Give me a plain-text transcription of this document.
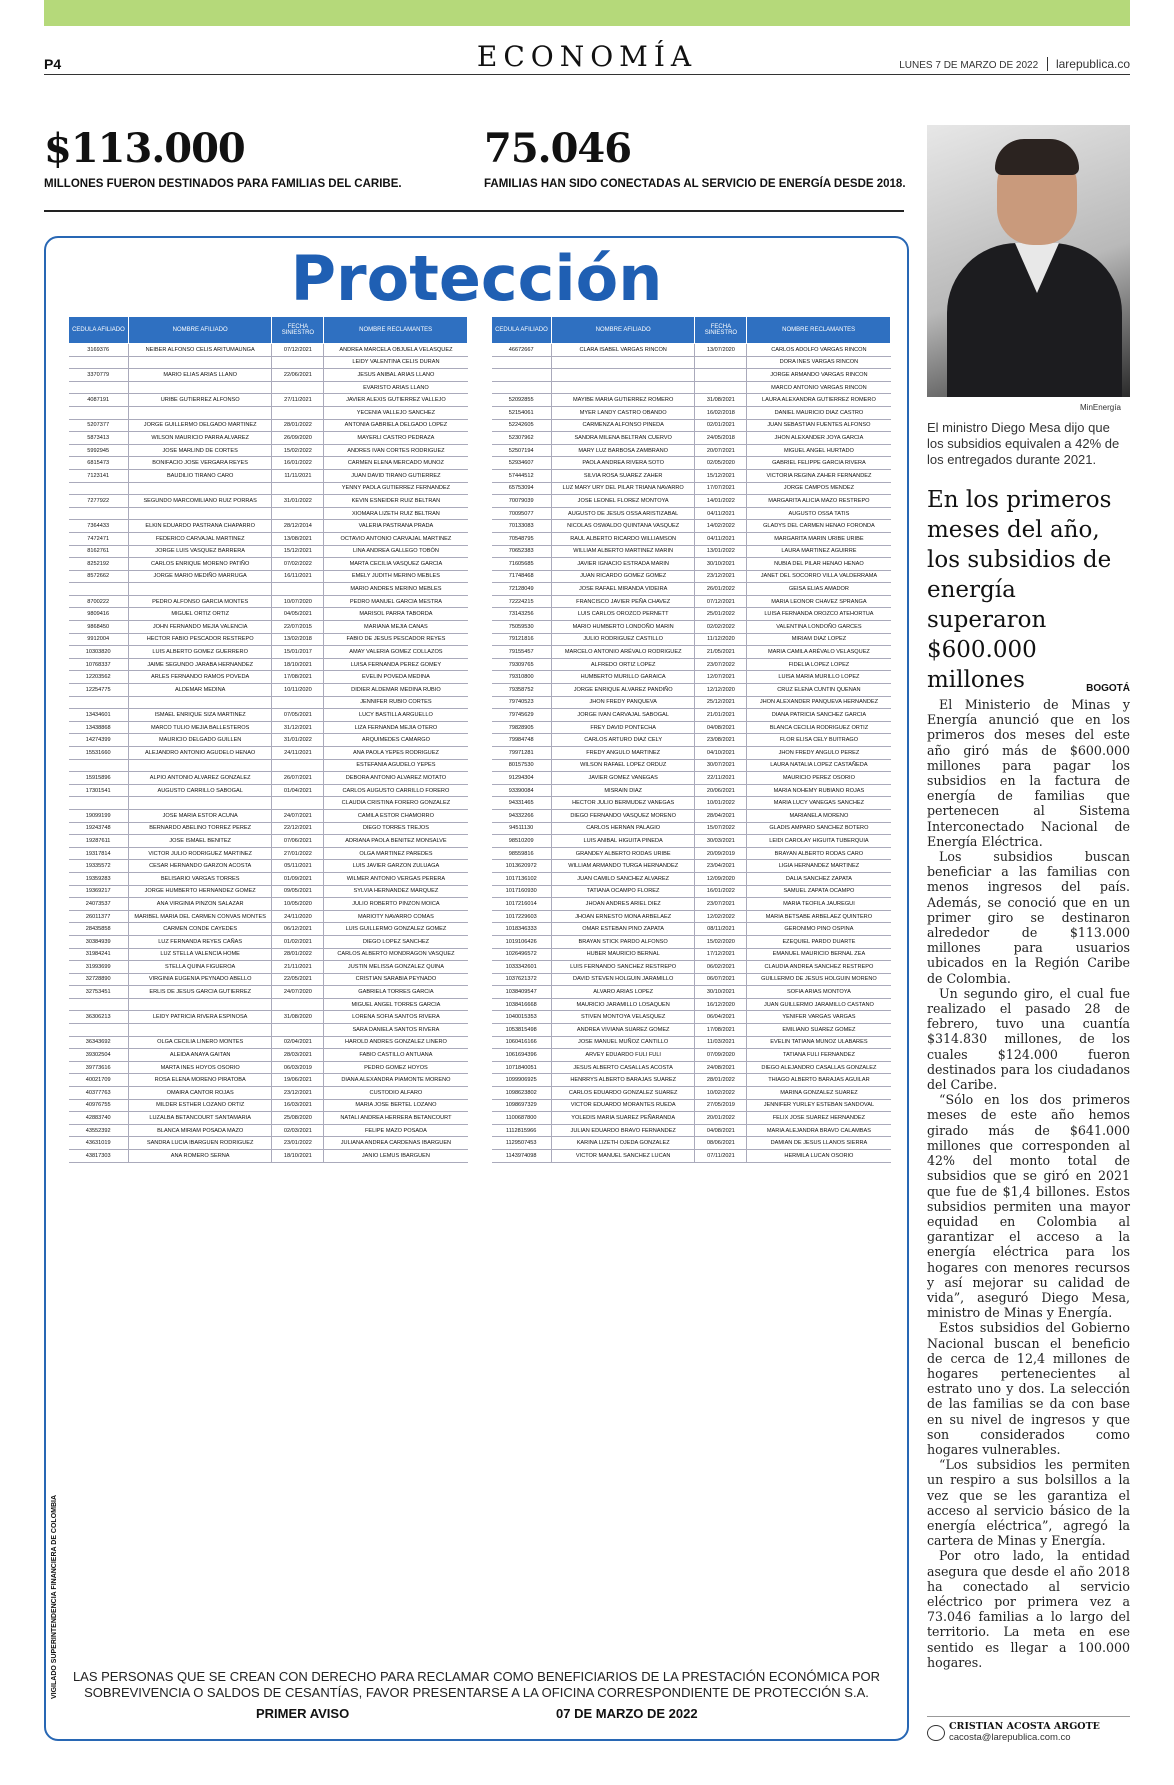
P4	ECONOMÍA	LUNES 7 DE MARZO DE 2022 larepublica.co
$113.000
MILLONES FUERON DESTINADOS PARA FAMILIAS DEL CARIBE.
75.046
FAMILIAS HAN SIDO CONECTADAS AL SERVICIO DE ENERGÍA DESDE 2018.
Protección
CEDULA AFILIADO	NOMBRE AFILIADO	FECHA SINIESTRO	NOMBRE RECLAMANTES
3169376	NEIBER ALFONSO CELIS ARITUMAUNGA	07/12/2021	ANDREA MARCELA OBJUELA VELASQUEZ
			LEIDY VALENTINA CELIS DURAN
3370779	MARIO ELIAS ARIAS LLANO	22/06/2021	JESUS ANIBAL ARIAS LLANO
			EVARISTO ARIAS LLANO
4087191	URIBE GUTIERREZ ALFONSO	27/11/2021	JAVIER ALEXIS GUTIERREZ VALLEJO
			YECENIA VALLEJO SANCHEZ
5207377	JORGE GUILLERMO DELGADO MARTINEZ	28/01/2022	ANTONIA GABRIELA DELGADO LOPEZ
5873413	WILSON MAURICIO PARRA ALVAREZ	26/09/2020	MAYERLI CASTRO PEDRAZA
5992945	JOSE MARLIND DE CORTES	15/02/2022	ANDRES IVAN CORTES RODRIGUEZ
6815473	BONIFACIO JOSE VERGARA REYES	16/01/2022	CARMEN ELENA MERCADO MUNOZ
7123141	BAUDILIO TIRANO CARO	11/11/2021	JUAN DAVID TIRANO GUTIERREZ
			YENNY PAOLA GUTIERREZ FERNANDEZ
7277922	SEGUNDO MARCOMILIANO RUIZ PORRAS	31/01/2022	KEVIN ESNEIDER RUIZ BELTRAN
			XIOMARA LIZETH RUIZ BELTRAN
7364433	ELKIN EDUARDO PASTRANA CHAPARRO	28/12/2014	VALERIA PASTRANA PRADA
7472471	FEDERICO CARVAJAL MARTINEZ	13/08/2021	OCTAVIO ANTONIO CARVAJAL MARTINEZ
8162761	JORGE LUIS VASQUEZ BARRERA	15/12/2021	LINA ANDREA GALLEGO TOBÓN
8252192	CARLOS ENRIQUE MORENO PATIÑO	07/02/2022	MARTA CECILIA VASQUEZ GARCIA
8572662	JORGE MARIO MEDIÑO MARRUGA	16/11/2021	EMELY JUDITH MERINO MEBLES
			MARIO ANDRES MERINO MEBLES
8700222	PEDRO ALFONSO GARCIA MONTES	10/07/2020	PEDRO MANUEL GARCIA MESTRA
9809416	MIGUEL ORTIZ ORTIZ	04/05/2021	MARISOL PARRA TABORDA
9868450	JOHN FERNANDO MEJIA VALENCIA	22/07/2015	MARIANA MEJIA CANAS
9912004	HECTOR FABIO PESCADOR RESTREPO	13/02/2018	FABIO DE JESUS PESCADOR REYES
10303820	LUIS ALBERTO GOMEZ GUERRERO	15/01/2017	AMAY VALERIA GOMEZ COLLAZOS
10768337	JAIME SEGUNDO JARABA HERNANDEZ	18/10/2021	LUISA FERNANDA PEREZ GOMEY
12203562	ARLES FERNANDO RAMOS POVEDA	17/08/2021	EVELIN POVEDA MEDINA
12254775	ALDEMAR MEDINA	10/11/2020	DIDIER ALDEMAR MEDINA RUBIO
			JENNIFER RUBIO CORTES
13434601	ISMAEL ENRIQUE SIZA MARTINEZ	07/05/2021	LUCY BASTILLA ARGUELLO
13438868	MARCO TULIO MEJIA BALLESTEROS	31/12/2021	LIZA FERNANDA MEJIA OTERO
14274399	MAURICIO DELGADO GUILLEN	31/01/2022	ARQUIMEDES CAMARGO
15531660	ALEJANDRO ANTONIO AGUDELO HENAO	24/11/2021	ANA PAOLA YEPES RODRIGUEZ
			ESTEFANIA AGUDELO YEPES
15915896	ALPIO ANTONIO ALVAREZ GONZALEZ	26/07/2021	DEBORA ANTONIO ALVAREZ MOTATO
17301541	AUGUSTO CARRILLO SABOGAL	01/04/2021	CARLOS AUGUSTO CARRILLO FORERO
			CLAUDIA CRISTINA FORERO GONZALEZ
19099199	JOSE MARIA ESTOR ACUNA	24/07/2021	CAMILA ESTOR CHAMORRO
19243748	BERNARDO ABELINO TORREZ PEREZ	22/12/2021	DIEGO TORRES TREJOS
19287611	JOSE ISMAEL BENITEZ	07/06/2021	ADRIANA PAOLA BENITEZ MONSALVE
19317814	VICTOR JULIO RODRIGUEZ MARTINEZ	27/01/2022	OLGA MARTINEZ PAREDES
19335572	CESAR HERNANDO GARZON ACOSTA	05/11/2021	LUIS JAVIER GARZON ZULUAGA
19359283	BELISARIO VARGAS TORRES	01/09/2021	WILMER ANTONIO VERGAS PERERA
19369217	JORGE HUMBERTO HERNANDEZ GOMEZ	09/05/2021	SYLVIA HERNANDEZ MARQUEZ
24073537	ANA VIRGINIA PINZON SALAZAR	10/05/2020	JULIO ROBERTO PINZON MOICA
26011377	MARIBEL MARIA DEL CARMEN CONVAS MONTES	24/11/2020	MARIOTY NAVARRO COMAS
28435858	CARMEN CONDE CAYEDES	06/12/2021	LUIS GUILLERMO GONZALEZ GOMEZ
30384939	LUZ FERNANDA REYES CAÑAS	01/02/2021	DIEGO LOPEZ SANCHEZ
31984241	LUZ STELLA VALENCIA HOME	28/01/2022	CARLOS ALBERTO MONDRAGON VASQUEZ
31993699	STELLA QUINA FIGUEROA	21/11/2021	JUSTIN MELISSA GONZALEZ QUINA
32728890	VIRGINIA EUGENIA PEYNADO ABELLO	22/05/2021	CRISTIAN SARABIA PEYNADO
32753451	ERLIS DE JESUS GARCIA GUTIERREZ	24/07/2020	GABRIELA TORRES GARCIA
			MIGUEL ANGEL TORRES GARCIA
36306213	LEIDY PATRICIA RIVERA ESPINOSA	31/08/2020	LORENA SOFIA SANTOS RIVERA
			SARA DANIELA SANTOS RIVERA
36343692	OLGA CECILIA LINERO MONTES	02/04/2021	HAROLD ANDRES GONZALEZ LINERO
39302504	ALEIDA ANAYA GAITAN	28/03/2021	FABIO CASTILLO ANTUANA
39773616	MARTA INES HOYOS OSORIO	06/03/2019	PEDRO GOMEZ HOYOS
40021709	ROSA ELENA MORENO PIRATOBA	19/06/2021	DIANA ALEXANDRA PIAMONTE MORENO
40377763	OMAIRA CANTOR ROJAS	23/12/2021	CUSTODIO ALFARO
40976755	MILDER ESTHER LOZANO ORTIZ	16/03/2021	MARIA JOSE BERTEL LOZANO
42883740	LUZALBA BETANCOURT SANTAMARIA	25/08/2020	NATALI ANDREA HERRERA BETANCOURT
43552392	BLANCA MIRIAM POSADA MAZO	02/03/2021	FELIPE MAZO POSADA
43631019	SANDRA LUCIA IBARGUEN RODRIGUEZ	23/01/2022	JULIANA ANDREA CARDENAS IBARGUEN
43817303	ANA ROMERO SERNA	18/10/2021	JANIO LEMUS IBARGUEN
CEDULA AFILIADO	NOMBRE AFILIADO	FECHA SINIESTRO	NOMBRE RECLAMANTES
46672667	CLARA ISABEL VARGAS RINCON	13/07/2020	CARLOS ADOLFO VARGAS RINCON
			DORA INES VARGAS RINCON
			JORGE ARMANDO VARGAS RINCON
			MARCO ANTONIO VARGAS RINCON
52092855	MAYIBE MARIA GUTIERREZ ROMERO	31/08/2021	LAURA ALEXANDRA GUTIERREZ ROMERO
52154061	MYER LANDY CASTRO OBANDO	16/02/2018	DANIEL MAURICIO DIAZ CASTRO
52242605	CARMENZA ALFONSO PINEDA	02/01/2021	JUAN SEBASTIAN FUENTES ALFONSO
52307962	SANDRA MILENA BELTRAN CUERVO	24/05/2018	JHON ALEXANDER JOYA GARCIA
52507194	MARY LUZ BARBOSA ZAMBRANO	20/07/2021	MIGUEL ANGEL HURTADO
52934607	PAOLA ANDREA RIVERA SOTO	02/05/2020	GABRIEL FELIPPE GARCIA RIVERA
57444512	SILVIA ROSA SUAREZ ZAHER	15/12/2021	VICTORIA REGINA ZAHER FERNANDEZ
65753094	LUZ MARY URY DEL PILAR TRIANA NAVARRO	17/07/2021	JORGE CAMPOS MENDEZ
70079039	JOSE LEONEL FLOREZ MONTOYA	14/01/2022	MARGARITA ALICIA MAZO RESTREPO
70095077	AUGUSTO DE JESUS OSSA ARISTIZABAL	04/11/2021	AUGUSTO OSSA TATIS
70133083	NICOLAS OSWALDO QUINTANA VASQUEZ	14/02/2022	GLADYS DEL CARMEN HENAO FORONDA
70548795	RAUL ALBERTO RICARDO WILLIAMSON	04/11/2021	MARGARITA MARIN URIBE URIBE
70652383	WILLIAM ALBERTO MARTINEZ MARIN	13/01/2022	LAURA MARTINEZ AGUIRRE
71605685	JAVIER IGNACIO ESTRADA MARIN	30/10/2021	NUBIA DEL PILAR HENAO HENAO
71748468	JUAN RICARDO GOMEZ GOMEZ	23/12/2021	JANET DEL SOCORRO VILLA VALDERRAMA
72128049	JOSE RAFAEL MIRANDA VIDEIRA	26/01/2022	GEISA ELIAS AMADOR
72224215	FRANCISCO JAVIER PEÑA CHAVEZ	07/12/2021	MARIA LEONOR CHAVEZ SPRANGA
73143256	LUIS CARLOS OROZCO PERNETT	25/01/2022	LUISA FERNANDA OROZCO ATEHORTUA
75059530	MARIO HUMBERTO LONDOÑO MARIN	02/02/2022	VALENTINA LONDOÑO GARCES
79121816	JULIO RODRIGUEZ CASTILLO	11/12/2020	MIRIAM DIAZ LOPEZ
79155457	MARCELO ANTONIO ARÉVALO RODRIGUEZ	21/05/2021	MARIA CAMILA ARÉVALO VELASQUEZ
79309765	ALFREDO ORTIZ LOPEZ	23/07/2022	FIDELIA LOPEZ LOPEZ
79310800	HUMBERTO MURILLO GARAICA	12/07/2021	LUISA MARIA MURILLO LOPEZ
79358752	JORGE ENRIQUE ALVAREZ PANDIÑO	12/12/2020	CRUZ ELENA CUNTIN QUENAN
79740523	JHON FREDY PANQUEVA	25/12/2021	JHON ALEXANDER PANQUEVA HERNANDEZ
79745629	JORGE IVAN CARVAJAL SABOGAL	21/01/2021	DIANA PATRICIA SANCHEZ GARCIA
79828905	FREY DAVID PONTECHA	04/08/2021	BLANCA CECILIA RODRIGUEZ ORTIZ
79984748	CARLOS ARTURO DIAZ CELY	23/08/2021	FLOR ELISA CELY BUITRAGO
79971281	FREDY ANGULO MARTINEZ	04/10/2021	JHON FREDY ANGULO PEREZ
80157530	WILSON RAFAEL LOPEZ ORDUZ	30/07/2021	LAURA NATALIA LOPEZ CASTAÑEDA
91294304	JAVIER GOMEZ VANEGAS	22/11/2021	MAURICIO PEREZ OSORIO
93390084	MISRAIN DIAZ	20/06/2021	MARIA NOHEMY RUBIANO ROJAS
94331465	HECTOR JULIO BERMUDEZ VANEGAS	10/01/2022	MARIA LUCY VANEGAS SANCHEZ
94332266	DIEGO FERNANDO VASQUEZ MORENO	28/04/2021	MARIANELA MORENO
94511130	CARLOS HERNAN PALAGIO	15/07/2022	GLADIS AMPARO SANCHEZ BOTERO
98510209	LUIS ANIBAL HIGUITA PINEDA	30/03/2021	LEIDI CAROLAY HIGUITA TUBERQUIA
98559816	GRANDEY ALBERTO RODAS URIBE	20/09/2019	BRAYAN ALBERTO RODAS CARO
1013620972	WILLIAM ARMANDO TURGA HERNANDEZ	23/04/2021	LIGIA HERNANDEZ MARTINEZ
1017136102	JUAN CAMILO SANCHEZ ALVAREZ	12/09/2020	DALIA SANCHEZ ZAPATA
1017160930	TATIANA OCAMPO FLOREZ	16/01/2022	SAMUEL ZAPATA OCAMPO
1017216014	JHOAN ANDRES ARIEL DIEZ	23/07/2021	MARIA TEOFILA JAUREGUI
1017229603	JHOAN ERNESTO MONA ARBELAEZ	12/02/2022	MARIA BETSABE ARBELAEZ QUINTERO
1018346333	OMAR ESTEBAN PINO ZAPATA	08/11/2021	GERONIMO PINO OSPINA
1019106426	BRAYAN STICK PARDO ALFONSO	15/02/2020	EZEQUIEL PARDO DUARTE
1026496572	HUBER MAURICIO BERNAL	17/12/2021	EMANUEL MAURICIO BERNAL ZEA
1033342601	LUIS FERNANDO SANCHEZ RESTREPO	06/02/2021	CLAUDIA ANDREA SANCHEZ RESTREPO
1037621372	DAVID STEVEN HOLGUIN JARAMILLO	06/07/2021	GUILLERMO DE JESUS HOLGUIN MORENO
1038409547	ALVARO ARIAS LOPEZ	30/10/2021	SOFIA ARIAS MONTOYA
1038416668	MAURICIO JARAMILLO LOSAQUEN	16/12/2020	JUAN GUILLERMO JARAMILLO CASTANO
1040015353	STIVEN MONTOYA VELASQUEZ	06/04/2021	YENIFER VARGAS VARGAS
1053815498	ANDREA VIVIANA SUAREZ GOMEZ	17/08/2021	EMILIANO SUAREZ GOMEZ
1060416166	JOSE MANUEL MUÑOZ CANTILLO	11/03/2021	EVELIN TATIANA MUNOZ ULABARES
1061694396	ARVEY EDUARDO FULI FULI	07/09/2020	TATIANA FULI FERNANDEZ
1071840051	JESUS ALBERTO CASALLAS ACOSTA	24/08/2021	DIEGO ALEJANDRO CASALLAS GONZALEZ
1099906925	HENRRYS ALBERTO BARAJAS SUAREZ	28/01/2022	THIAGO ALBERTO BARAJAS AGUILAR
1098623802	CARLOS EDUARDO GONZALEZ SUAREZ	10/02/2022	MARINA GONZALEZ SUAREZ
1098697329	VICTOR EDUARDO MORANTES RUEDA	27/05/2019	JENNIFER YURLEY ESTEBAN SANDOVAL
1100687800	YOLEDIS MARIA SUAREZ PEÑARANDA	20/01/2022	FELIX JOSE SUAREZ HERNANDEZ
1112815966	JULIAN EDUARDO BRAVO FERNANDEZ	04/08/2021	MARIA ALEJANDRA BRAVO CALAMBAS
1129507453	KARINA LIZETH OJEDA GONZALEZ	08/06/2021	DAMIAN DE JESUS LLANOS SIERRA
1143974098	VICTOR MANUEL SANCHEZ LUCAN	07/11/2021	HERMILA LUCAN OSORIO
VIGILADO SUPERINTENDENCIA FINANCIERA DE COLOMBIA	LAS PERSONAS QUE SE CREAN CON DERECHO PARA RECLAMAR COMO BENEFICIARIOS DE LA PRESTACIÓN ECONÓMICA POR SOBREVIVENCIA O SALDOS DE CESANTÍAS, FAVOR PRESENTARSE A LA OFICINA CORRESPONDIENTE DE PROTECCIÓN S.A.
PRIMER AVISO	07 DE MARZO DE 2022
MinEnergía
El ministro Diego Mesa dijo que los subsidios equivalen a 42% de los entregados durante 2021.
En los primeros meses del año, los subsidios de energía superaron $600.000 millones	BOGOTÁ

El Ministerio de Minas y Energía anunció que en los primeros dos meses del este año giró más de $600.000 millones para pagar los subsidios en la factura de energía de familias que pertenecen al Sistema Interconectado Nacional de Energía Eléctrica.

Los subsidios buscan beneficiar a las familias con menos ingresos del país. Además, se conoció que en un primer giro se destinaron alrededor de $113.000 millones para usuarios ubicados en la Región Caribe de Colombia.

Un segundo giro, el cual fue realizado el pasado 28 de febrero, tuvo una cuantía $314.830 millones, de los cuales $124.000 fueron destinados para los ciudadanos del Caribe.

“Sólo en los dos primeros meses de este año hemos girado más de $641.000 millones que corresponden al 42% del monto total de subsidios que se giró en 2021 que fue de $1,4 billones. Estos subsidios permiten una mayor equidad en Colombia al garantizar el acceso a la energía eléctrica para los hogares con menores recursos y así mejorar su calidad de vida”, aseguró Diego Mesa, ministro de Minas y Energía.

Estos subsidios del Gobierno Nacional buscan el beneficio de cerca de 12,4 millones de hogares pertenecientes al estrato uno y dos. La selección de las familias se da con base en su nivel de ingresos y que son considerados como hogares vulnerables.

“Los subsidios les permiten un respiro a sus bolsillos a la vez que se les garantiza el acceso al servicio básico de la energía eléctrica”, agregó la cartera de Minas y Energía.

Por otro lado, la entidad asegura que desde el año 2018 ha conectado al servicio eléctrico por primera vez a 73.046 familias a lo largo del territorio. La meta en ese sentido es llegar a 100.000 hogares.

CRISTIAN ACOSTA ARGOTE
cacosta@larepublica.com.co
